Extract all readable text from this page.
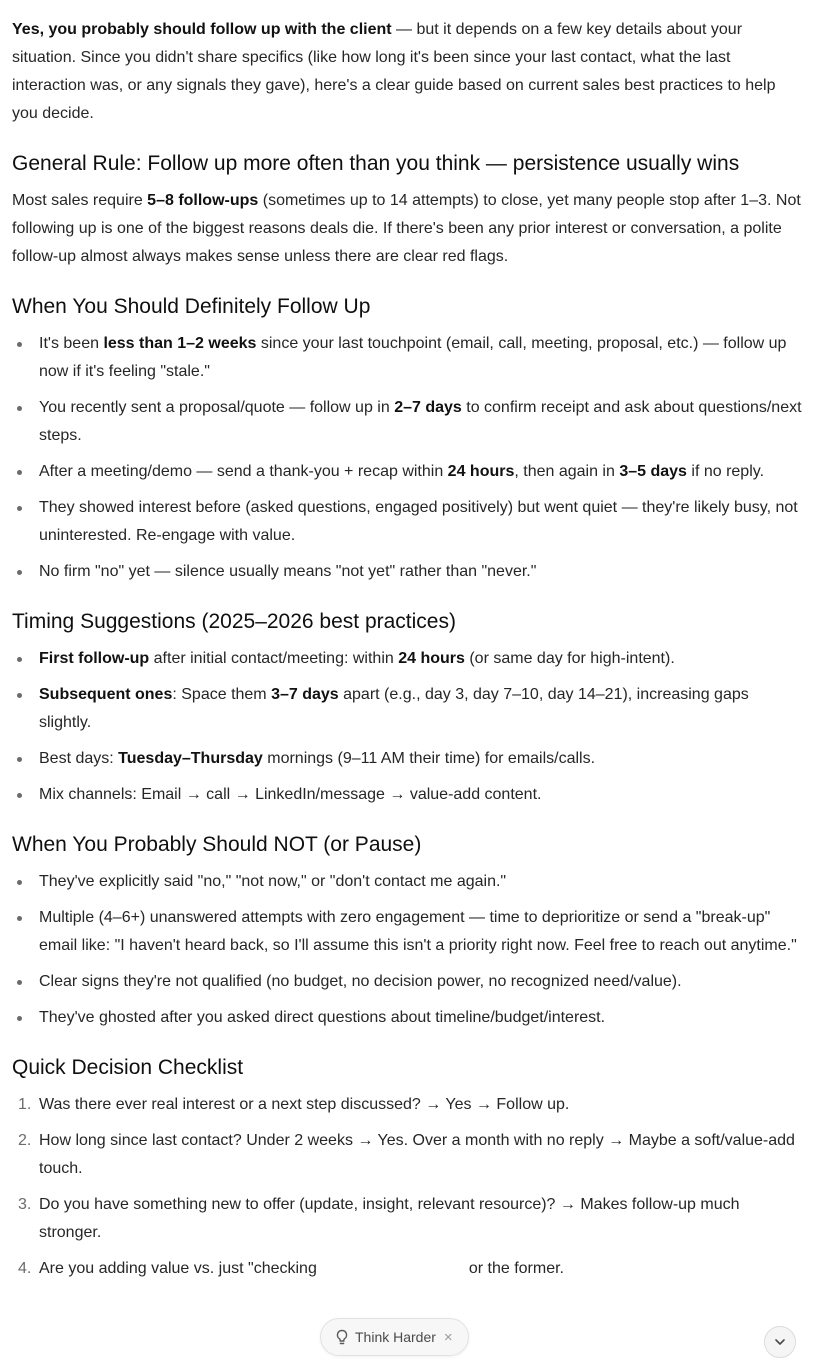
Yes, you probably should follow up with the client — but it depends on a few key details about your situation. Since you didn't share specifics (like how long it's been since your last contact, what the last interaction was, or any signals they gave), here's a clear guide based on current sales best practices to help you decide.

General Rule: Follow up more often than you think — persistence usually wins

Most sales require 5–8 follow-ups (sometimes up to 14 attempts) to close, yet many people stop after 1–3. Not following up is one of the biggest reasons deals die. If there's been any prior interest or conversation, a polite follow-up almost always makes sense unless there are clear red flags.

When You Should Definitely Follow Up
It's been less than 1–2 weeks since your last touchpoint (email, call, meeting, proposal, etc.) — follow up now if it's feeling "stale."
You recently sent a proposal/quote — follow up in 2–7 days to confirm receipt and ask about questions/next steps.
After a meeting/demo — send a thank-you + recap within 24 hours, then again in 3–5 days if no reply.
They showed interest before (asked questions, engaged positively) but went quiet — they're likely busy, not uninterested. Re-engage with value.
No firm "no" yet — silence usually means "not yet" rather than "never."
Timing Suggestions (2025–2026 best practices)
First follow-up after initial contact/meeting: within 24 hours (or same day for high-intent).
Subsequent ones: Space them 3–7 days apart (e.g., day 3, day 7–10, day 14–21), increasing gaps slightly.
Best days: Tuesday–Thursday mornings (9–11 AM their time) for emails/calls.
Mix channels: Email → call → LinkedIn/message → value-add content.
When You Probably Should NOT (or Pause)
They've explicitly said "no," "not now," or "don't contact me again."
Multiple (4–6+) unanswered attempts with zero engagement — time to deprioritize or send a "break-up" email like: "I haven't heard back, so I'll assume this isn't a priority right now. Feel free to reach out anytime."
Clear signs they're not qualified (no budget, no decision power, no recognized need/value).
They've ghosted after you asked direct questions about timeline/budget/interest.
Quick Decision Checklist
1. Was there ever real interest or a next step discussed? → Yes → Follow up.
2. How long since last contact? Under 2 weeks → Yes. Over a month with no reply → Maybe a soft/value-add touch.
3. Do you have something new to offer (update, insight, relevant resource)? → Makes follow-up much stronger.
4. Are you adding value vs. just "checking	or the former.
Think Harder ×
